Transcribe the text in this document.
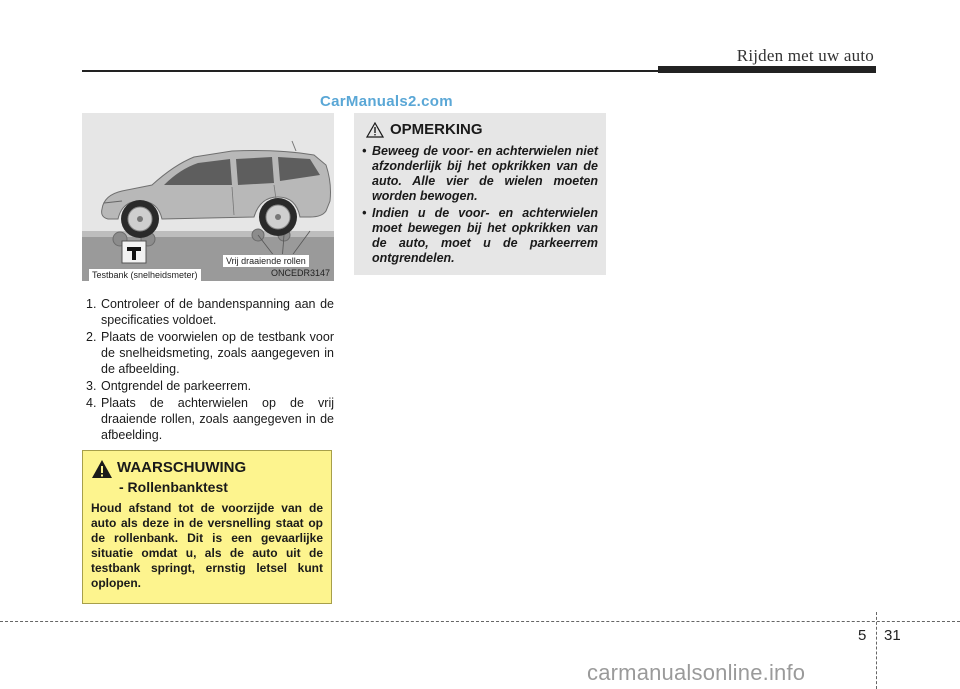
Rijden met uw auto
CarManuals2.com
Testbank (snelheidsmeter)
Vrij draaiende rollen
ONCEDR3147
1. Controleer of de bandenspanning aan de specificaties voldoet.
2. Plaats de voorwielen op de testbank voor de snelheidsmeting, zoals aangegeven in de afbeelding.
3. Ontgrendel de parkeerrem.
4. Plaats de achterwielen op de vrij draaiende rollen, zoals aangegeven in de afbeelding.
WAARSCHUWING
- Rollenbanktest
Houd afstand tot de voorzijde van de auto als deze in de versnelling staat op de rollenbank. Dit is een gevaarlijke situatie omdat u, als de auto uit de testbank springt, ernstig letsel kunt oplopen.
OPMERKING
• Beweeg de voor- en achterwielen niet afzonderlijk bij het opkrikken van de auto. Alle vier de wielen moeten worden bewogen.
• Indien u de voor- en achterwielen moet bewegen bij het opkrikken van de auto, moet u de parkeerrem ontgrendelen.
5 31
carmanualsonline.info
